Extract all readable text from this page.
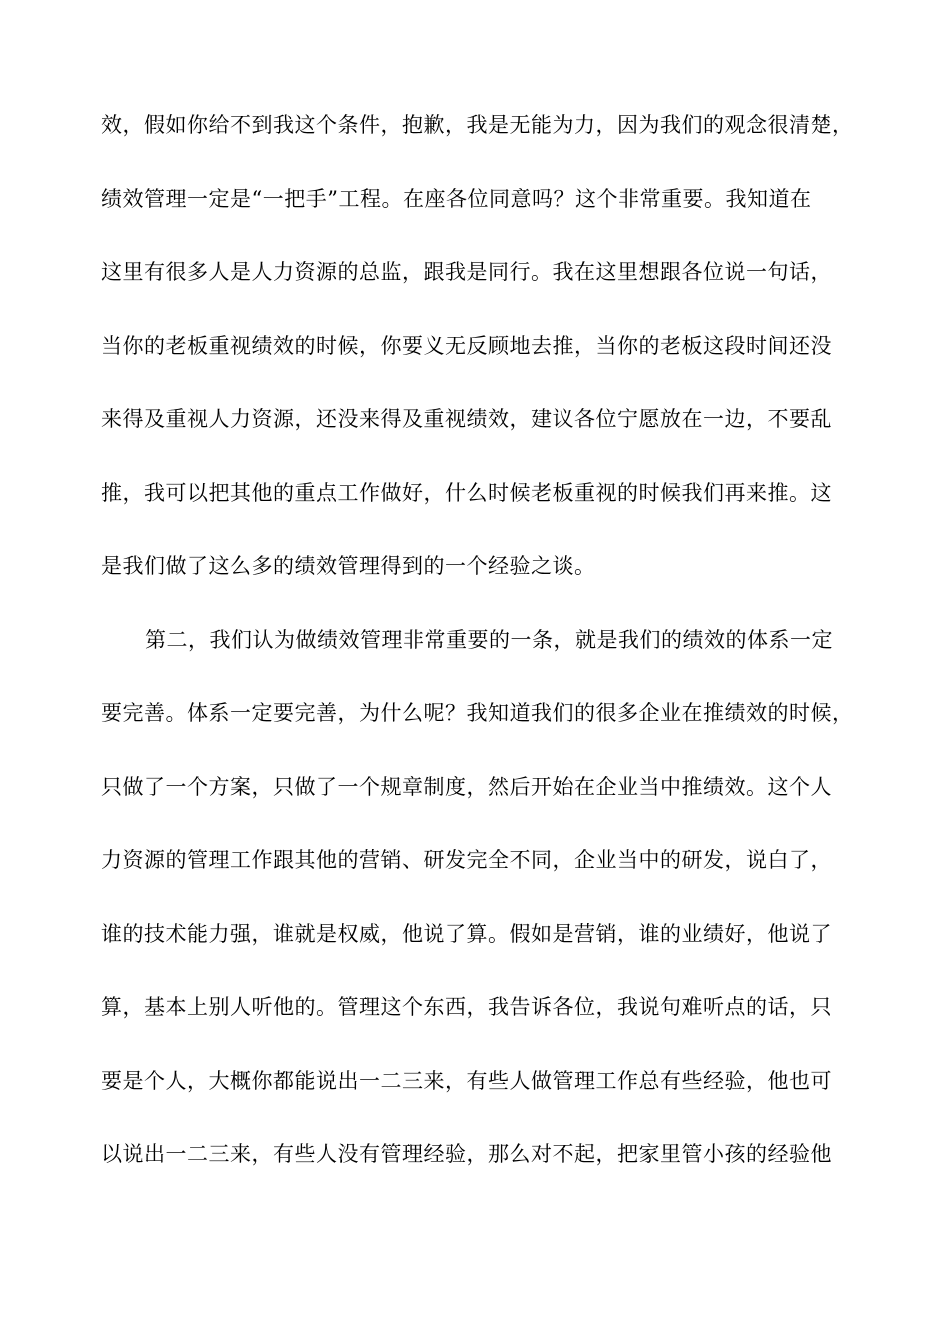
效，假如你给不到我这个条件，抱歉，我是无能为力，因为我们的观念很清楚，
绩效管理一定是“一把手”工程。在座各位同意吗？这个非常重要。我知道在
这里有很多人是人力资源的总监，跟我是同行。我在这里想跟各位说一句话，
当你的老板重视绩效的时候，你要义无反顾地去推，当你的老板这段时间还没
来得及重视人力资源，还没来得及重视绩效，建议各位宁愿放在一边，不要乱
推，我可以把其他的重点工作做好，什么时候老板重视的时候我们再来推。这
是我们做了这么多的绩效管理得到的一个经验之谈。
第二，我们认为做绩效管理非常重要的一条，就是我们的绩效的体系一定
要完善。体系一定要完善，为什么呢？我知道我们的很多企业在推绩效的时候，
只做了一个方案，只做了一个规章制度，然后开始在企业当中推绩效。这个人
力资源的管理工作跟其他的营销、研发完全不同，企业当中的研发，说白了，
谁的技术能力强，谁就是权威，他说了算。假如是营销，谁的业绩好，他说了
算，基本上别人听他的。管理这个东西，我告诉各位，我说句难听点的话，只
要是个人，大概你都能说出一二三来，有些人做管理工作总有些经验，他也可
以说出一二三来，有些人没有管理经验，那么对不起，把家里管小孩的经验他
